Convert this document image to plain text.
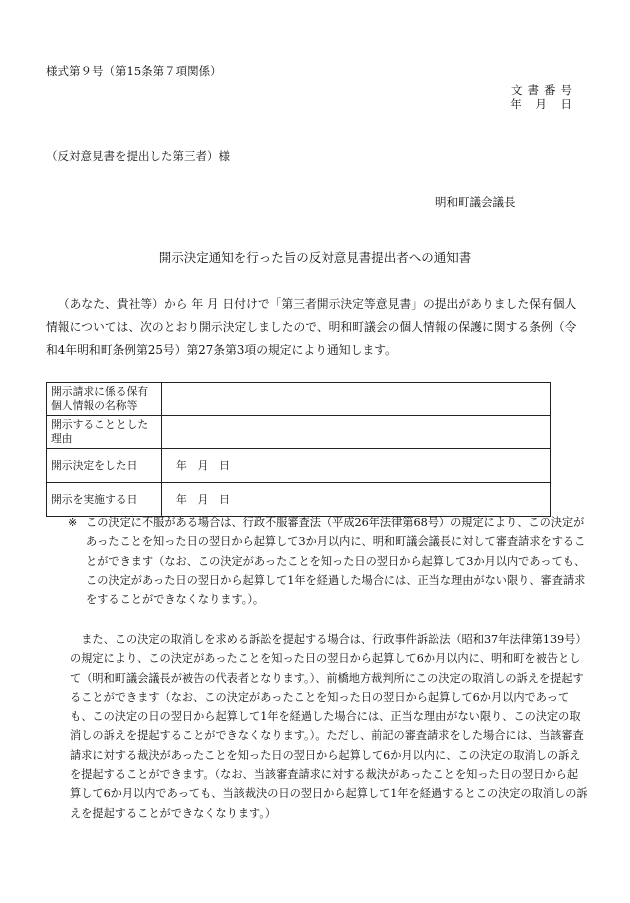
様式第９号（第15条第７項関係）
文書番号
年 月 日
（反対意見書を提出した第三者）様
明和町議会議長
開示決定通知を行った旨の反対意見書提出者への通知書
（あなた、貴社等）から 年 月 日付けで「第三者開示決定等意見書」の提出がありました保有個人情報については、次のとおり開示決定しましたので、明和町議会の個人情報の保護に関する条例（令和4年明和町条例第25号）第27条第3項の規定により通知します。
開示請求に係る保有個人情報の名称等	
開示することとした理由	
開示決定をした日	年　月　日
開示を実施する日	年　月　日
※ この決定に不服がある場合は、行政不服審査法（平成26年法律第68号）の規定により、この決定があったことを知った日の翌日から起算して3か月以内に、明和町議会議長に対して審査請求をすることができます（なお、この決定があったことを知った日の翌日から起算して3か月以内であっても、この決定があった日の翌日から起算して1年を経過した場合には、正当な理由がない限り、審査請求をすることができなくなります。）。
また、この決定の取消しを求める訴訟を提起する場合は、行政事件訴訟法（昭和37年法律第139号）の規定により、この決定があったことを知った日の翌日から起算して6か月以内に、明和町を被告として（明和町議会議長が被告の代表者となります。）、前橋地方裁判所にこの決定の取消しの訴えを提起することができます（なお、この決定があったことを知った日の翌日から起算して6か月以内であっても、この決定の日の翌日から起算して1年を経過した場合には、正当な理由がない限り、この決定の取消しの訴えを提起することができなくなります。）。ただし、前記の審査請求をした場合には、当該審査請求に対する裁決があったことを知った日の翌日から起算して6か月以内に、この決定の取消しの訴えを提起することができます。（なお、当該審査請求に対する裁決があったことを知った日の翌日から起算して6か月以内であっても、当該裁決の日の翌日から起算して1年を経過するとこの決定の取消しの訴えを提起することができなくなります。）
